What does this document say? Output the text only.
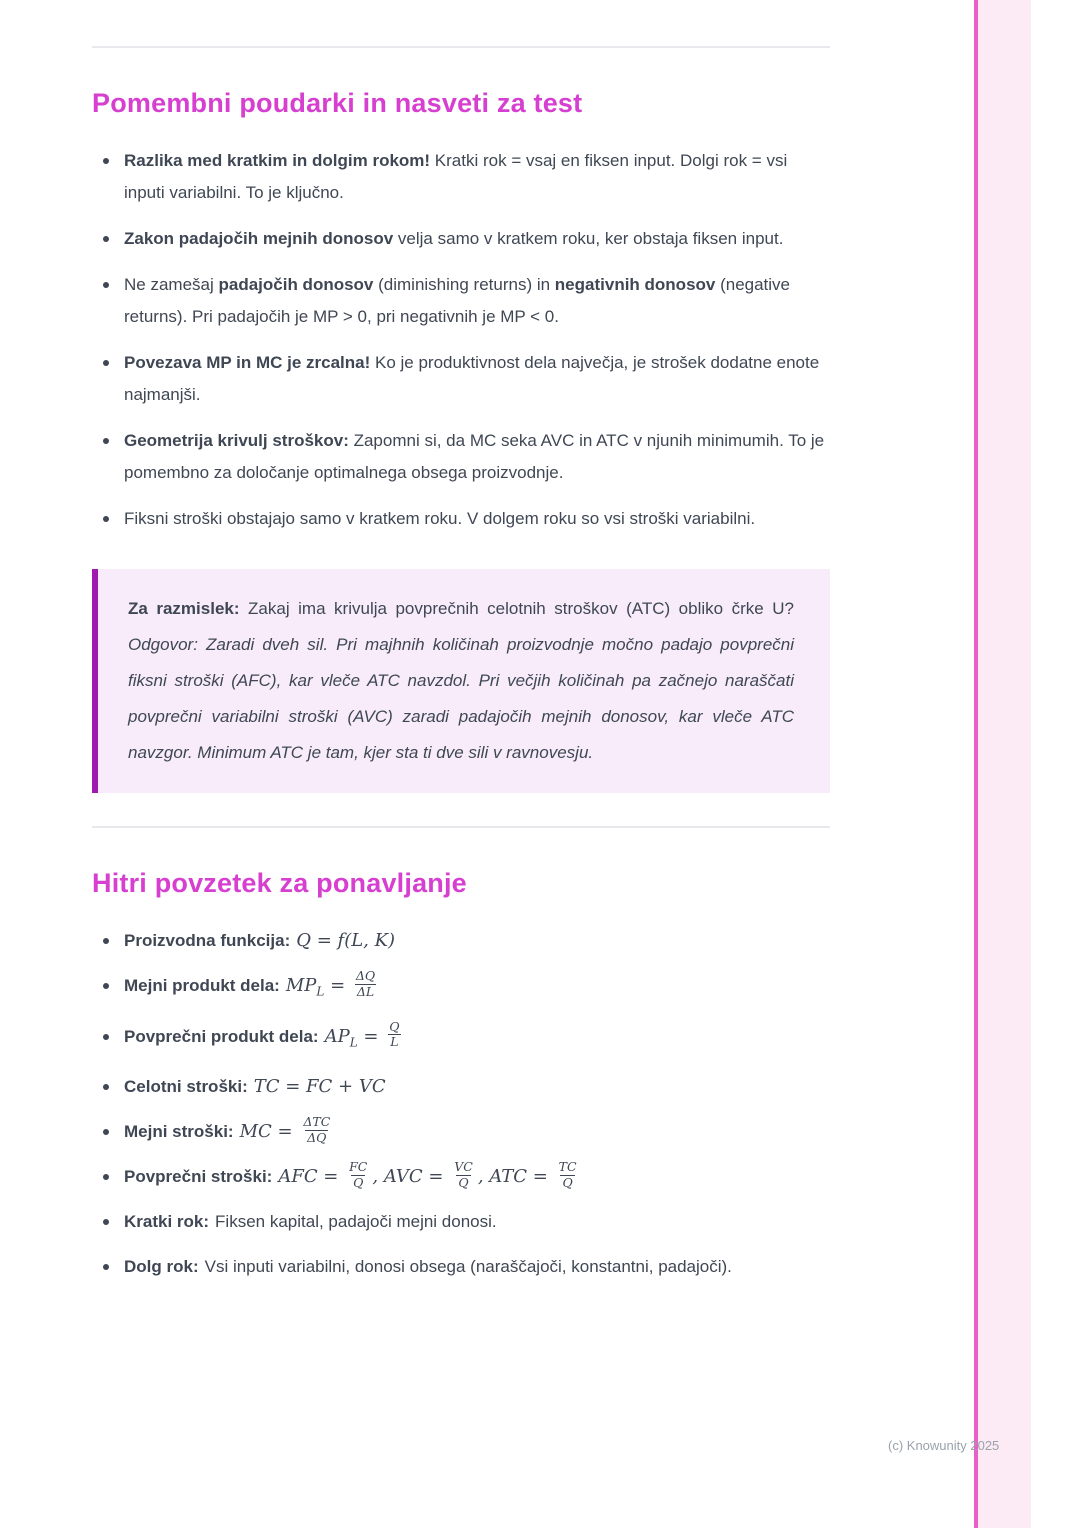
Pomembni poudarki in nasveti za test
Razlika med kratkim in dolgim rokom! Kratki rok = vsaj en fiksen input. Dolgi rok = vsi inputi variabilni. To je ključno.
Zakon padajočih mejnih donosov velja samo v kratkem roku, ker obstaja fiksen input.
Ne zamešaj padajočih donosov (diminishing returns) in negativnih donosov (negative returns). Pri padajočih je MP > 0, pri negativnih je MP < 0.
Povezava MP in MC je zrcalna! Ko je produktivnost dela največja, je strošek dodatne enote najmanjši.
Geometrija krivulj stroškov: Zapomni si, da MC seka AVC in ATC v njunih minimumih. To je pomembno za določanje optimalnega obsega proizvodnje.
Fiksni stroški obstajajo samo v kratkem roku. V dolgem roku so vsi stroški variabilni.
Za razmislek: Zakaj ima krivulja povprečnih celotnih stroškov (ATC) obliko črke U? Odgovor: Zaradi dveh sil. Pri majhnih količinah proizvodnje močno padajo povprečni fiksni stroški (AFC), kar vleče ATC navzdol. Pri večjih količinah pa začnejo naraščati povprečni variabilni stroški (AVC) zaradi padajočih mejnih donosov, kar vleče ATC navzgor. Minimum ATC je tam, kjer sta ti dve sili v ravnovesju.
Hitri povzetek za ponavljanje
Proizvodna funkcija: Q = f(L, K)
Mejni produkt dela: $MP_L = \frac{\Delta Q}{\Delta L}$
Povprečni produkt dela: $AP_L = \frac{Q}{L}$
Celotni stroški: TC = FC + VC
Mejni stroški: MC = $\frac{\text{ΔTC}}{\Delta Q}$
Povprečni stroški: AFC = $\frac{FC}{Q}$ , AVC = $\frac{VC}{Q}$ , ATC = $\frac{TC}{Q}$
Kratki rok: Fiksen kapital, padajoči mejni donosi.
Dolg rok: Vsi inputi variabilni, donosi obsega (naraščajoči, konstantni, padajoči).
(c) Knowunity 2025
